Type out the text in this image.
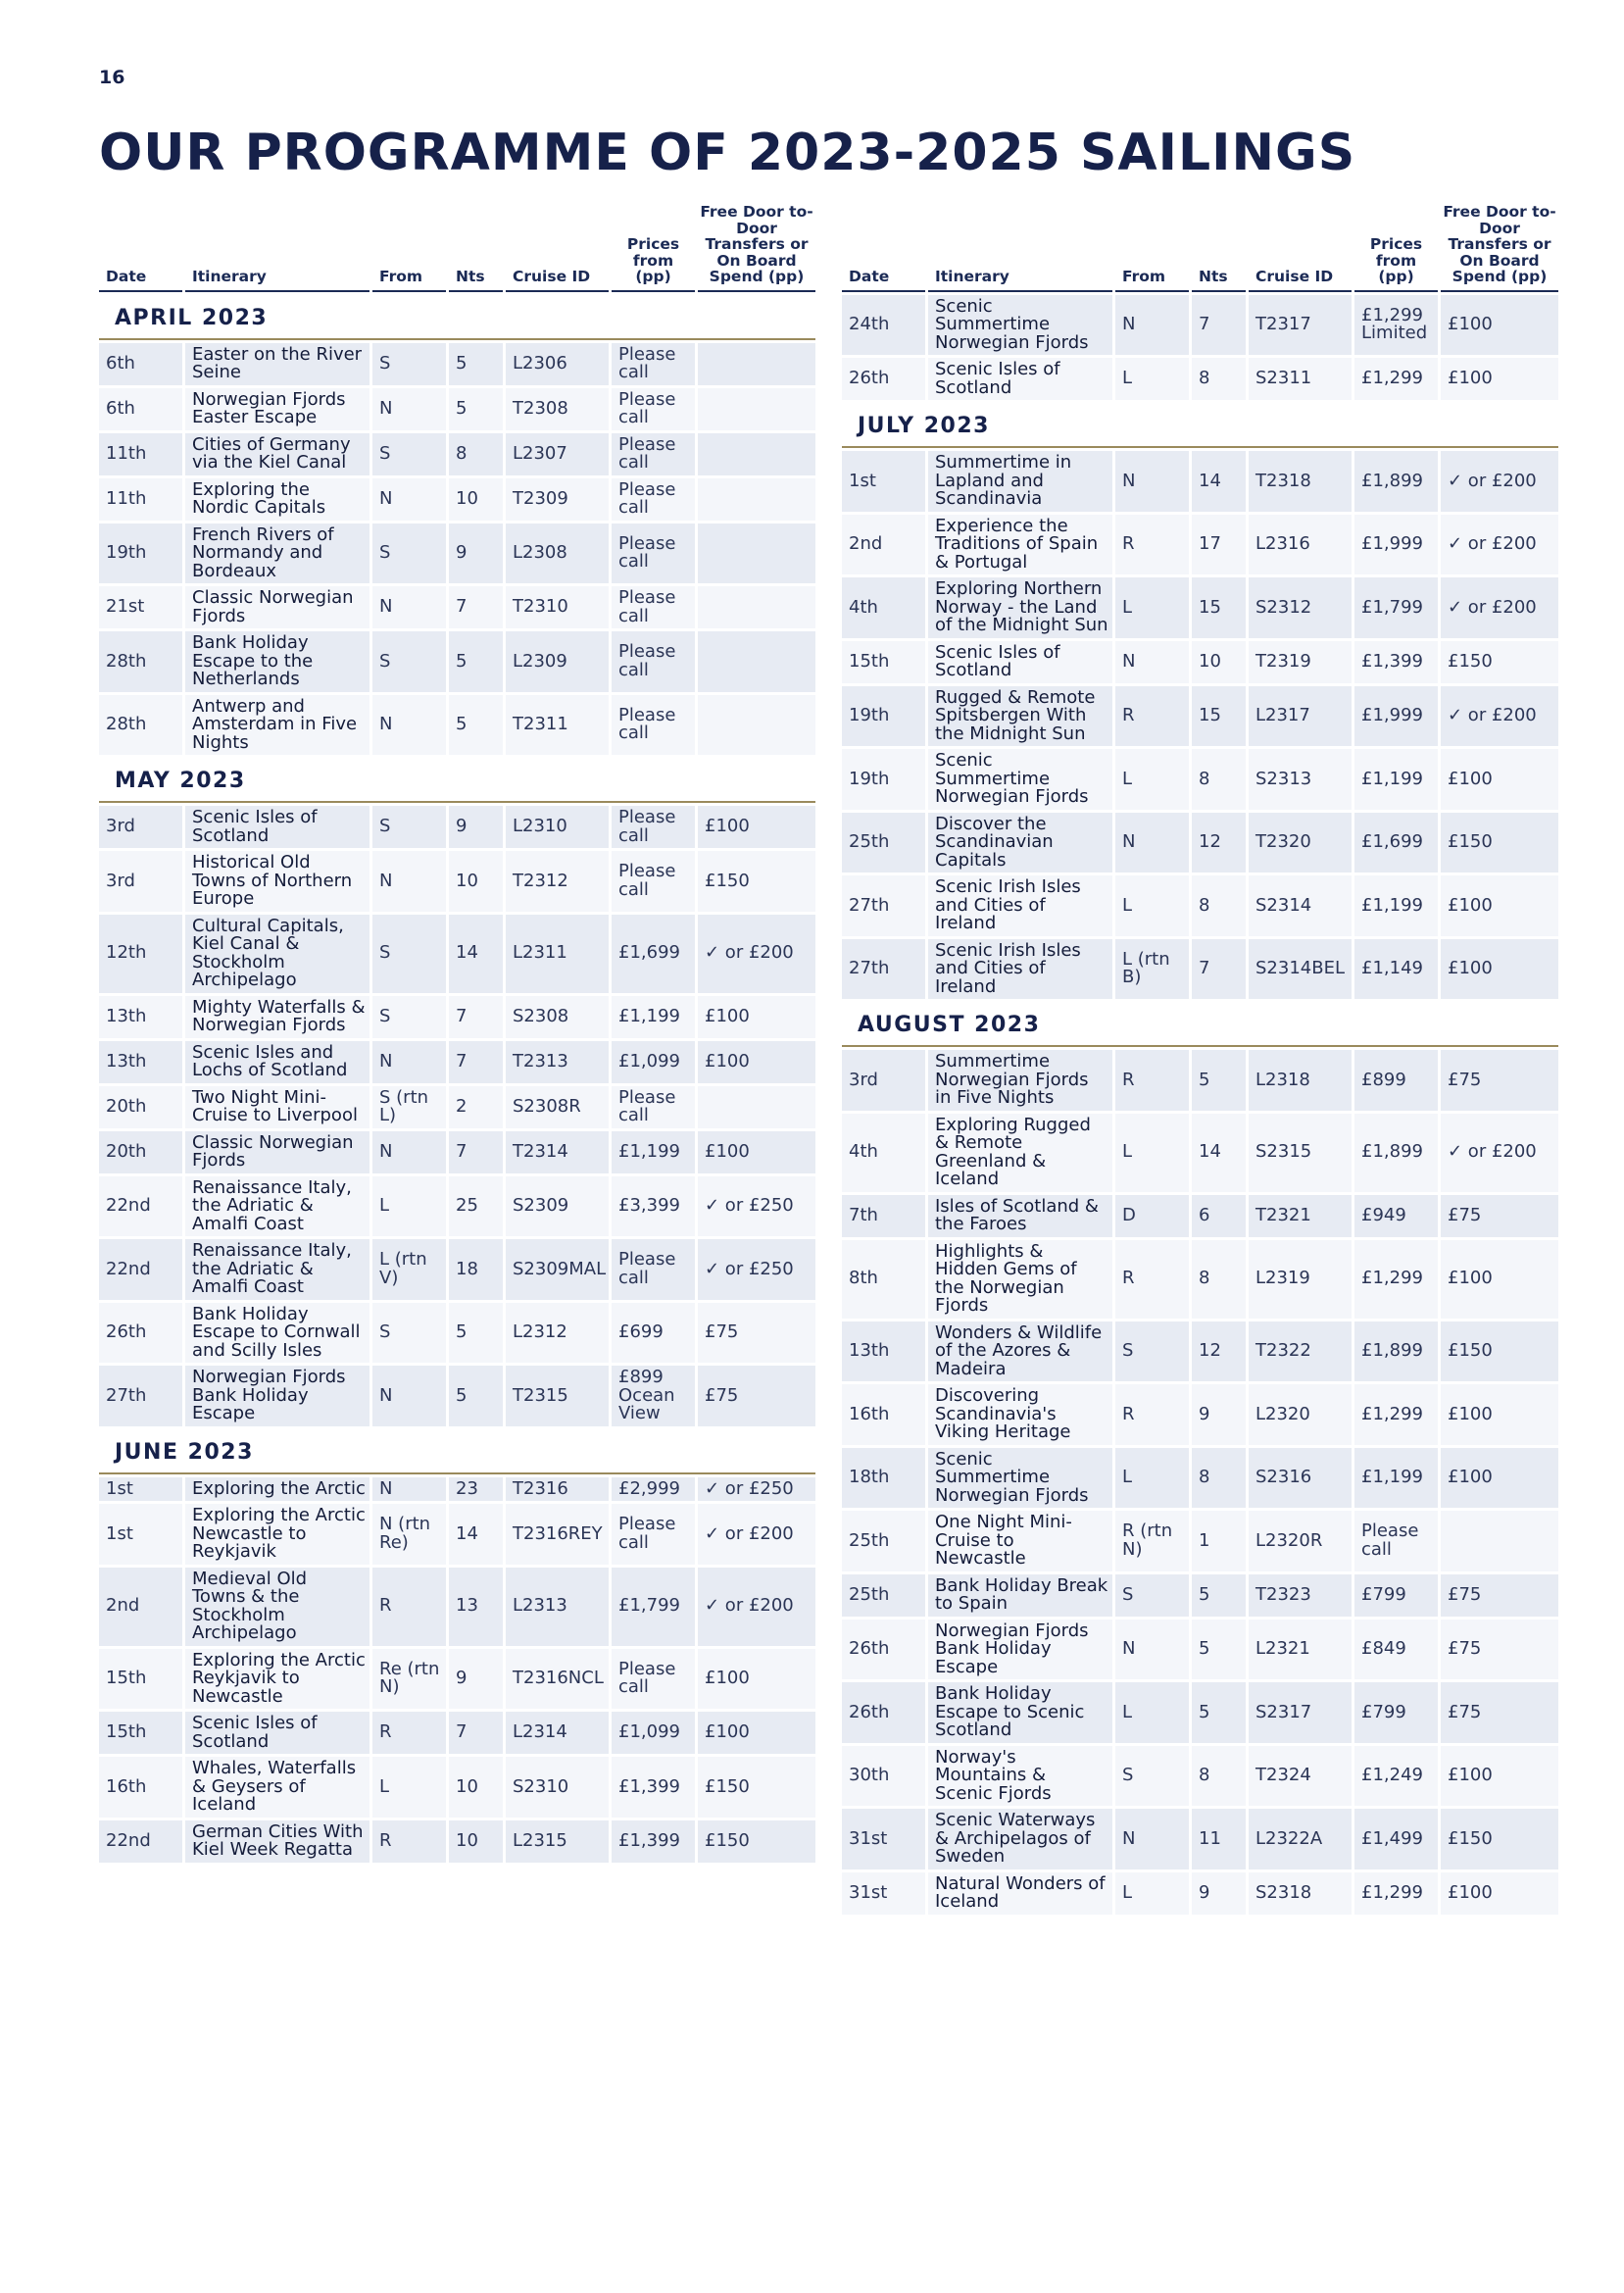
16
OUR PROGRAMME OF 2023-2025 SAILINGS
Date	Itinerary	From	Nts	Cruise ID	Prices from (pp)	Free Door to-Door Transfers or On Board Spend (pp)
APRIL 2023						
6th	Easter on the River Seine	S	5	L2306	Please call	
6th	Norwegian Fjords Easter Escape	N	5	T2308	Please call	
11th	Cities of Germany via the Kiel Canal	S	8	L2307	Please call	
11th	Exploring the Nordic Capitals	N	10	T2309	Please call	
19th	French Rivers of Normandy and Bordeaux	S	9	L2308	Please call	
21st	Classic Norwegian Fjords	N	7	T2310	Please call	
28th	Bank Holiday Escape to the Netherlands	S	5	L2309	Please call	
28th	Antwerp and Amsterdam in Five Nights	N	5	T2311	Please call	
MAY 2023						
3rd	Scenic Isles of Scotland	S	9	L2310	Please call	£100
3rd	Historical Old Towns of Northern Europe	N	10	T2312	Please call	£150
12th	Cultural Capitals, Kiel Canal & Stockholm Archipelago	S	14	L2311	£1,699	✓ or £200
13th	Mighty Waterfalls & Norwegian Fjords	S	7	S2308	£1,199	£100
13th	Scenic Isles and Lochs of Scotland	N	7	T2313	£1,099	£100
20th	Two Night Mini-Cruise to Liverpool	S (rtn L)	2	S2308R	Please call	
20th	Classic Norwegian Fjords	N	7	T2314	£1,199	£100
22nd	Renaissance Italy, the Adriatic & Amalfi Coast	L	25	S2309	£3,399	✓ or £250
22nd	Renaissance Italy, the Adriatic & Amalfi Coast	L (rtn V)	18	S2309MAL	Please call	✓ or £250
26th	Bank Holiday Escape to Cornwall and Scilly Isles	S	5	L2312	£699	£75
27th	Norwegian Fjords Bank Holiday Escape	N	5	T2315	£899 Ocean View	£75
JUNE 2023						
1st	Exploring the Arctic	N	23	T2316	£2,999	✓ or £250
1st	Exploring the Arctic Newcastle to Reykjavik	N (rtn Re)	14	T2316REY	Please call	✓ or £200
2nd	Medieval Old Towns & the Stockholm Archipelago	R	13	L2313	£1,799	✓ or £200
15th	Exploring the Arctic Reykjavik to Newcastle	Re (rtn N)	9	T2316NCL	Please call	£100
15th	Scenic Isles of Scotland	R	7	L2314	£1,099	£100
16th	Whales, Waterfalls & Geysers of Iceland	L	10	S2310	£1,399	£150
22nd	German Cities With Kiel Week Regatta	R	10	L2315	£1,399	£150
Date	Itinerary	From	Nts	Cruise ID	Prices from (pp)	Free Door to-Door Transfers or On Board Spend (pp)
24th	Scenic Summertime Norwegian Fjords	N	7	T2317	£1,299 Limited	£100
26th	Scenic Isles of Scotland	L	8	S2311	£1,299	£100
JULY 2023						
1st	Summertime in Lapland and Scandinavia	N	14	T2318	£1,899	✓ or £200
2nd	Experience the Traditions of Spain & Portugal	R	17	L2316	£1,999	✓ or £200
4th	Exploring Northern Norway - the Land of the Midnight Sun	L	15	S2312	£1,799	✓ or £200
15th	Scenic Isles of Scotland	N	10	T2319	£1,399	£150
19th	Rugged & Remote Spitsbergen With the Midnight Sun	R	15	L2317	£1,999	✓ or £200
19th	Scenic Summertime Norwegian Fjords	L	8	S2313	£1,199	£100
25th	Discover the Scandinavian Capitals	N	12	T2320	£1,699	£150
27th	Scenic Irish Isles and Cities of Ireland	L	8	S2314	£1,199	£100
27th	Scenic Irish Isles and Cities of Ireland	L (rtn B)	7	S2314BEL	£1,149	£100
AUGUST 2023						
3rd	Summertime Norwegian Fjords in Five Nights	R	5	L2318	£899	£75
4th	Exploring Rugged & Remote Greenland & Iceland	L	14	S2315	£1,899	✓ or £200
7th	Isles of Scotland & the Faroes	D	6	T2321	£949	£75
8th	Highlights & Hidden Gems of the Norwegian Fjords	R	8	L2319	£1,299	£100
13th	Wonders & Wildlife of the Azores & Madeira	S	12	T2322	£1,899	£150
16th	Discovering Scandinavia's Viking Heritage	R	9	L2320	£1,299	£100
18th	Scenic Summertime Norwegian Fjords	L	8	S2316	£1,199	£100
25th	One Night Mini-Cruise to Newcastle	R (rtn N)	1	L2320R	Please call	
25th	Bank Holiday Break to Spain	S	5	T2323	£799	£75
26th	Norwegian Fjords Bank Holiday Escape	N	5	L2321	£849	£75
26th	Bank Holiday Escape to Scenic Scotland	L	5	S2317	£799	£75
30th	Norway's Mountains & Scenic Fjords	S	8	T2324	£1,249	£100
31st	Scenic Waterways & Archipelagos of Sweden	N	11	L2322A	£1,499	£150
31st	Natural Wonders of Iceland	L	9	S2318	£1,299	£100
